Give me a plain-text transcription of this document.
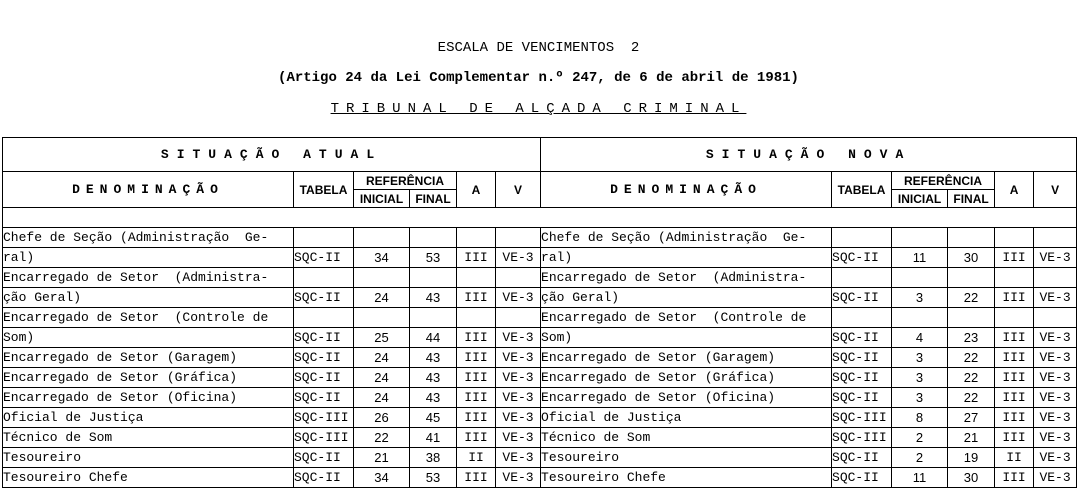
ESCALA DE VENCIMENTOS  2
(Artigo 24 da Lei Complementar n.º 247, de 6 de abril de 1981)
TRIBUNAL DE ALÇADA CRIMINAL
SITUAÇÃO ATUAL						SITUAÇÃO NOVA					
DENOMINAÇÃO	TABELA	REFERÊNCIA		A	V	DENOMINAÇÃO	TABELA	REFERÊNCIA		A	V
		INICIAL	FINAL					INICIAL	FINAL		

Chefe de Seção (Administração  Ge-						Chefe de Seção (Administração  Ge-					
ral)	SQC-II	34	53	III	VE-3	ral)	SQC-II	11	30	III	VE-3
Encarregado de Setor  (Administra-						Encarregado de Setor  (Administra-					
ção Geral)	SQC-II	24	43	III	VE-3	ção Geral)	SQC-II	3	22	III	VE-3
Encarregado de Setor  (Controle de						Encarregado de Setor  (Controle de					
Som)	SQC-II	25	44	III	VE-3	Som)	SQC-II	4	23	III	VE-3
Encarregado de Setor (Garagem)	SQC-II	24	43	III	VE-3	Encarregado de Setor (Garagem)	SQC-II	3	22	III	VE-3
Encarregado de Setor (Gráfica)	SQC-II	24	43	III	VE-3	Encarregado de Setor (Gráfica)	SQC-II	3	22	III	VE-3
Encarregado de Setor (Oficina)	SQC-II	24	43	III	VE-3	Encarregado de Setor (Oficina)	SQC-II	3	22	III	VE-3
Oficial de Justiça	SQC-III	26	45	III	VE-3	Oficial de Justiça	SQC-III	8	27	III	VE-3
Técnico de Som	SQC-III	22	41	III	VE-3	Técnico de Som	SQC-III	2	21	III	VE-3
Tesoureiro	SQC-II	21	38	II	VE-3	Tesoureiro	SQC-II	2	19	II	VE-3
Tesoureiro Chefe	SQC-II	34	53	III	VE-3	Tesoureiro Chefe	SQC-II	11	30	III	VE-3
